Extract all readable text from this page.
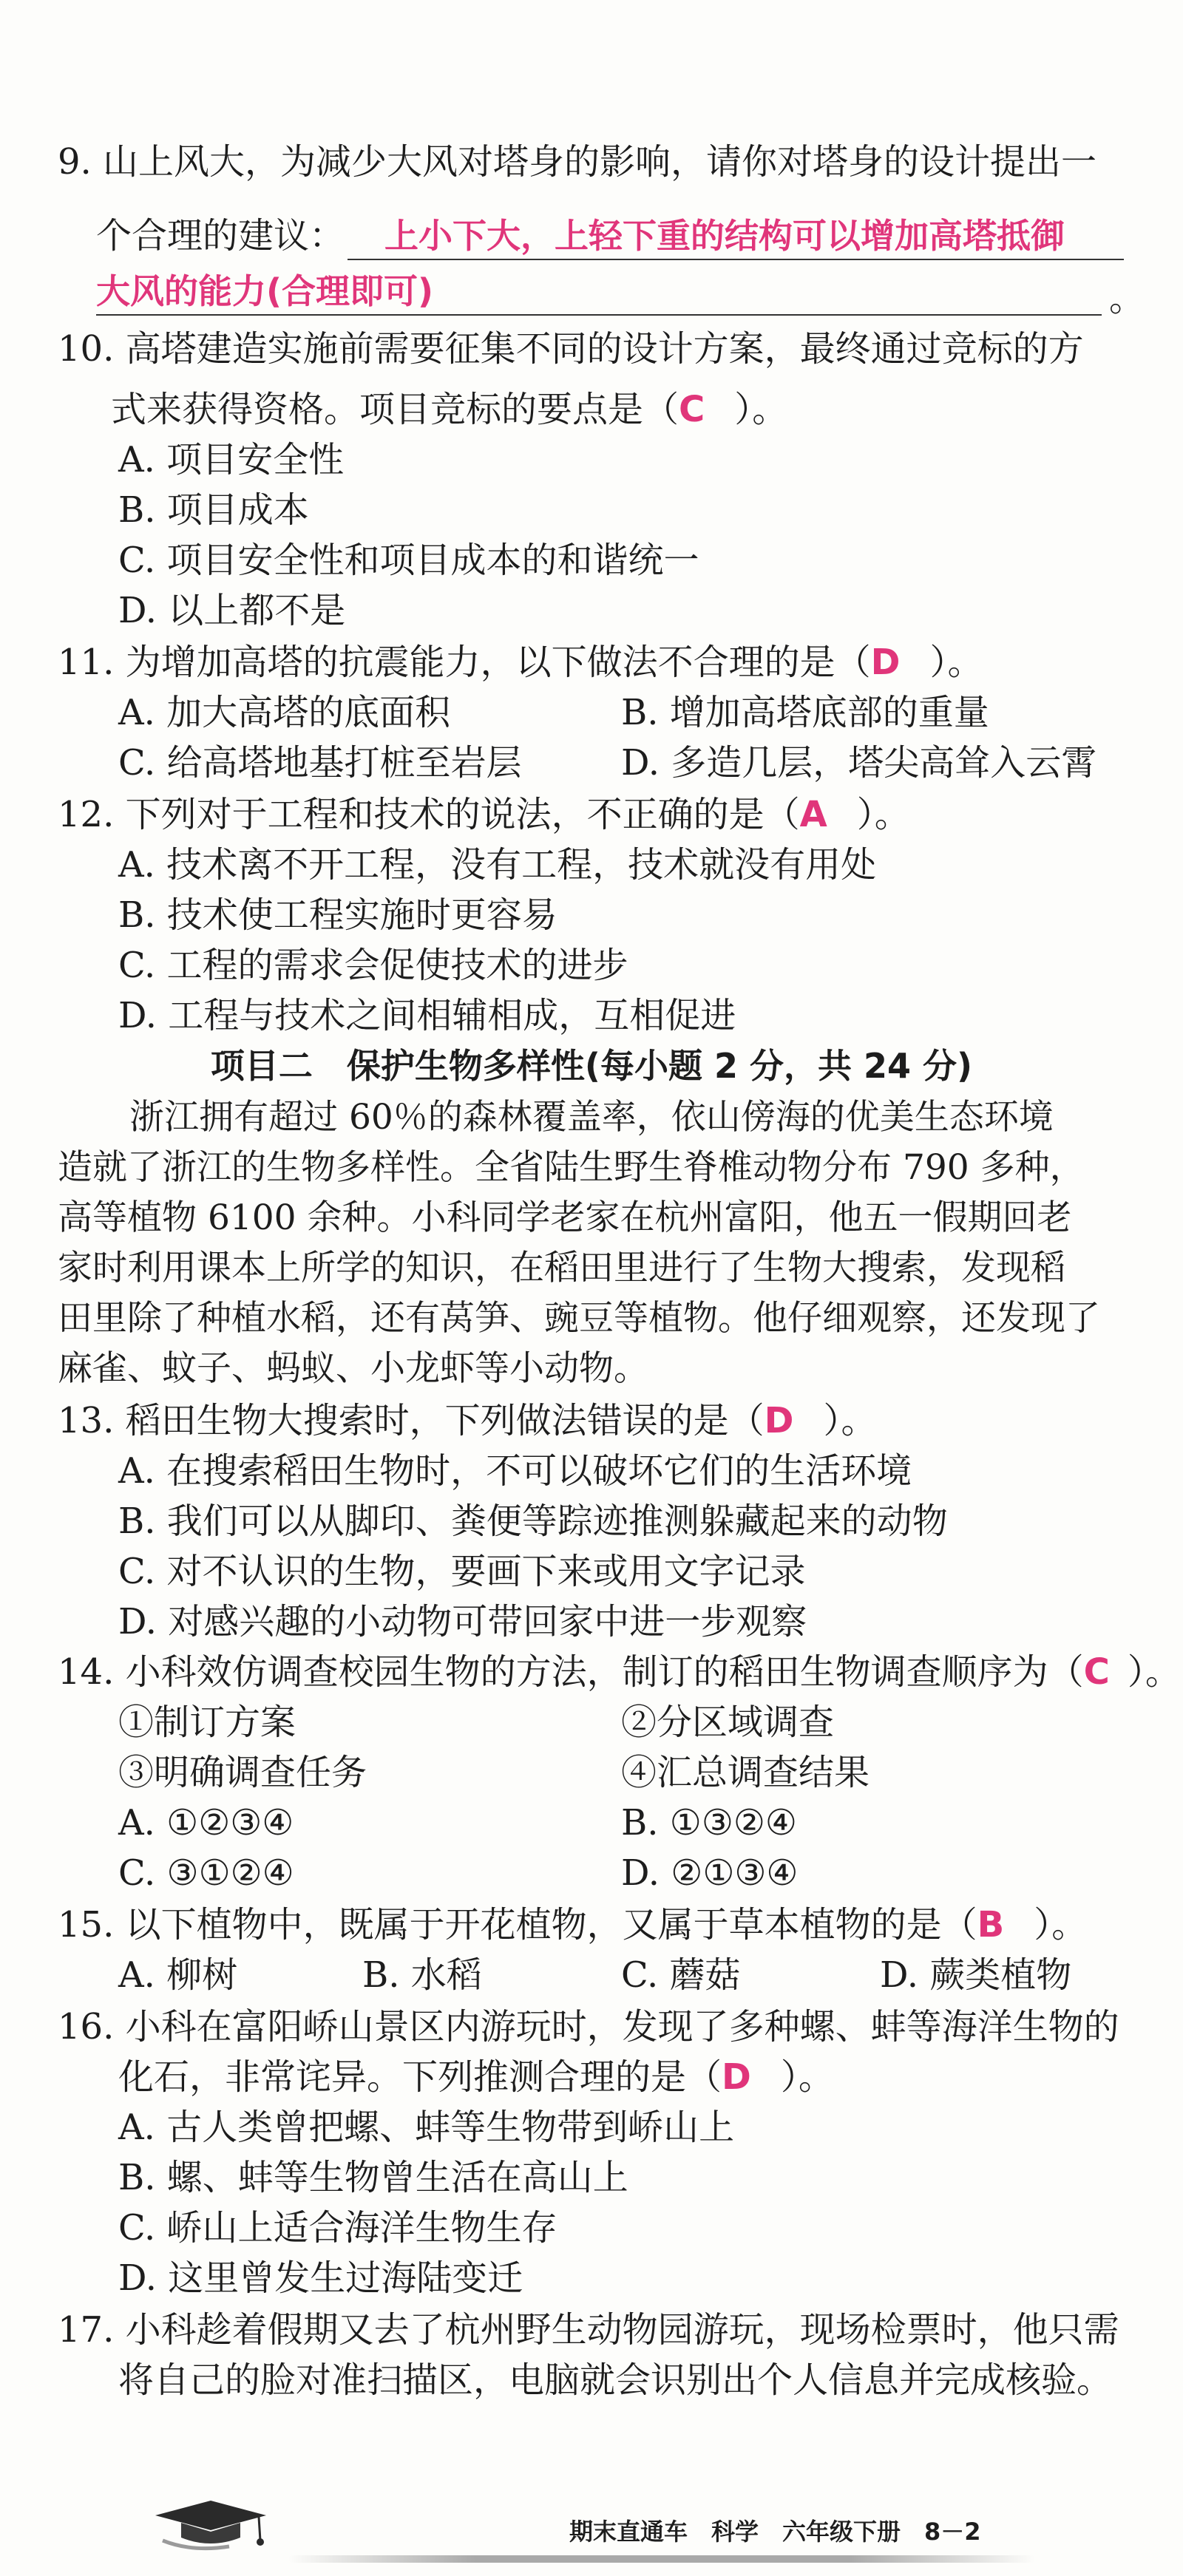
9. 山上风大，为减少大风对塔身的影响，请你对塔身的设计提出一
个合理的建议：	上小下大，上轻下重的结构可以增加高塔抵御
大风的能力(合理即可)	。
10. 高塔建造实施前需要征集不同的设计方案，最终通过竞标的方
式来获得资格。项目竞标的要点是（C ）。
A. 项目安全性
B. 项目成本
C. 项目安全性和项目成本的和谐统一
D. 以上都不是
11. 为增加高塔的抗震能力，以下做法不合理的是（D ）。
A. 加大高塔的底面积	B. 增加高塔底部的重量
C. 给高塔地基打桩至岩层	D. 多造几层，塔尖高耸入云霄
12. 下列对于工程和技术的说法，不正确的是（A ）。
A. 技术离不开工程，没有工程，技术就没有用处
B. 技术使工程实施时更容易
C. 工程的需求会促使技术的进步
D. 工程与技术之间相辅相成，互相促进
项目二　保护生物多样性(每小题 2 分，共 24 分)
浙江拥有超过 60％的森林覆盖率，依山傍海的优美生态环境
造就了浙江的生物多样性。全省陆生野生脊椎动物分布 790 多种，
高等植物 6100 余种。小科同学老家在杭州富阳，他五一假期回老
家时利用课本上所学的知识，在稻田里进行了生物大搜索，发现稻
田里除了种植水稻，还有莴笋、豌豆等植物。他仔细观察，还发现了
麻雀、蚊子、蚂蚁、小龙虾等小动物。
13. 稻田生物大搜索时，下列做法错误的是（D ）。
A. 在搜索稻田生物时，不可以破坏它们的生活环境
B. 我们可以从脚印、粪便等踪迹推测躲藏起来的动物
C. 对不认识的生物，要画下来或用文字记录
D. 对感兴趣的小动物可带回家中进一步观察
14. 小科效仿调查校园生物的方法，制订的稻田生物调查顺序为（C ）。
①制订方案	②分区域调查
③明确调查任务	④汇总调查结果
A. ①②③④	B. ①③②④
C. ③①②④	D. ②①③④
15. 以下植物中，既属于开花植物，又属于草本植物的是（B ）。
A. 柳树	B. 水稻	C. 蘑菇	D. 蕨类植物
16. 小科在富阳峤山景区内游玩时，发现了多种螺、蚌等海洋生物的
化石，非常诧异。下列推测合理的是（D ）。
A. 古人类曾把螺、蚌等生物带到峤山上
B. 螺、蚌等生物曾生活在高山上
C. 峤山上适合海洋生物生存
D. 这里曾发生过海陆变迁
17. 小科趁着假期又去了杭州野生动物园游玩，现场检票时，他只需
将自己的脸对准扫描区，电脑就会识别出个人信息并完成核验。
期末直通车　科学　六年级下册　8－2
